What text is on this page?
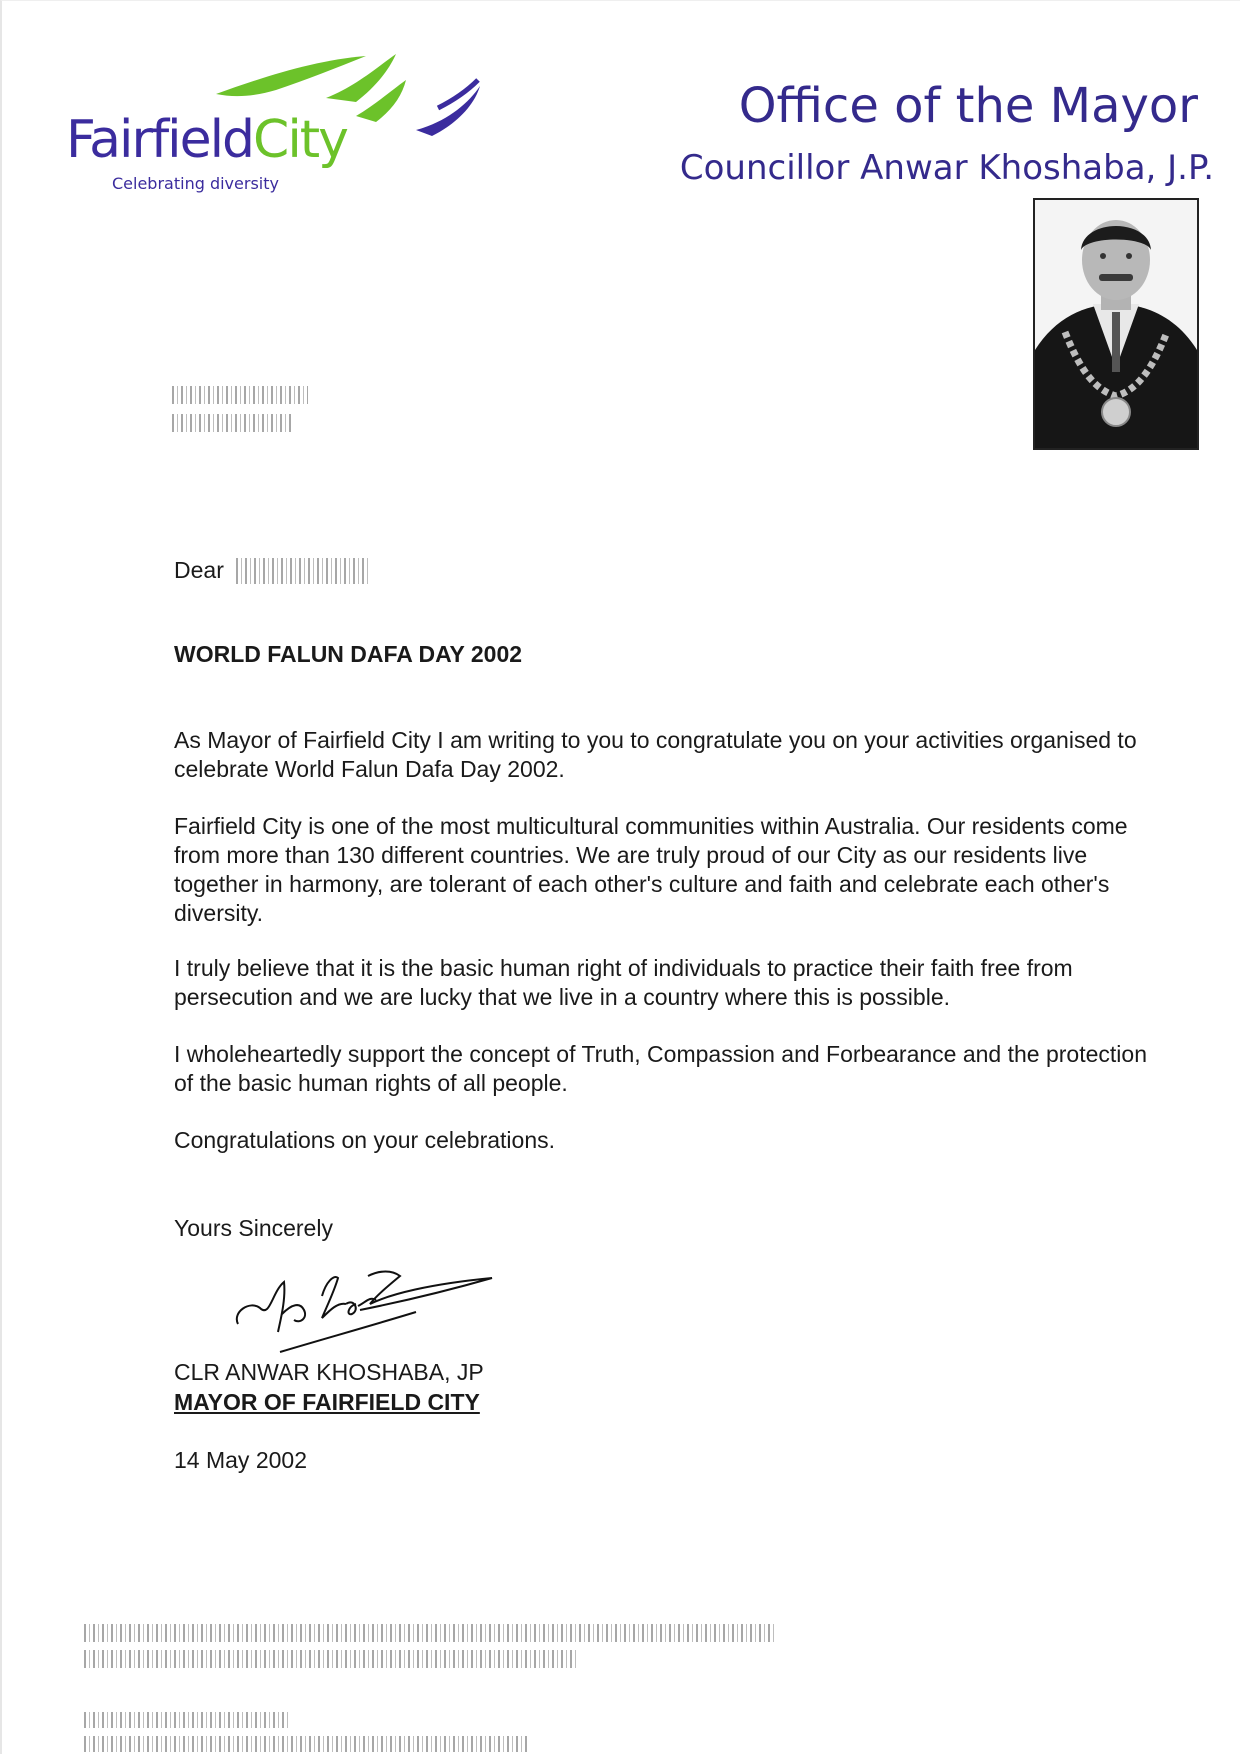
FairfieldCity
Celebrating diversity
Office of the Mayor
Councillor Anwar Khoshaba, J.P.
Dear
WORLD FALUN DAFA DAY 2002
As Mayor of Fairfield City I am writing to you to congratulate you on your activities organised to celebrate World Falun Dafa Day 2002.
Fairfield City is one of the most multicultural communities within Australia. Our residents come from more than 130 different countries. We are truly proud of our City as our residents live together in harmony, are tolerant of each other's culture and faith and celebrate each other's diversity.
I truly believe that it is the basic human right of individuals to practice their faith free from persecution and we are lucky that we live in a country where this is possible.
I wholeheartedly support the concept of Truth, Compassion and Forbearance and the protection of the basic human rights of all people.
Congratulations on your celebrations.
Yours Sincerely
CLR ANWAR KHOSHABA, JP
MAYOR OF FAIRFIELD CITY
14 May 2002
